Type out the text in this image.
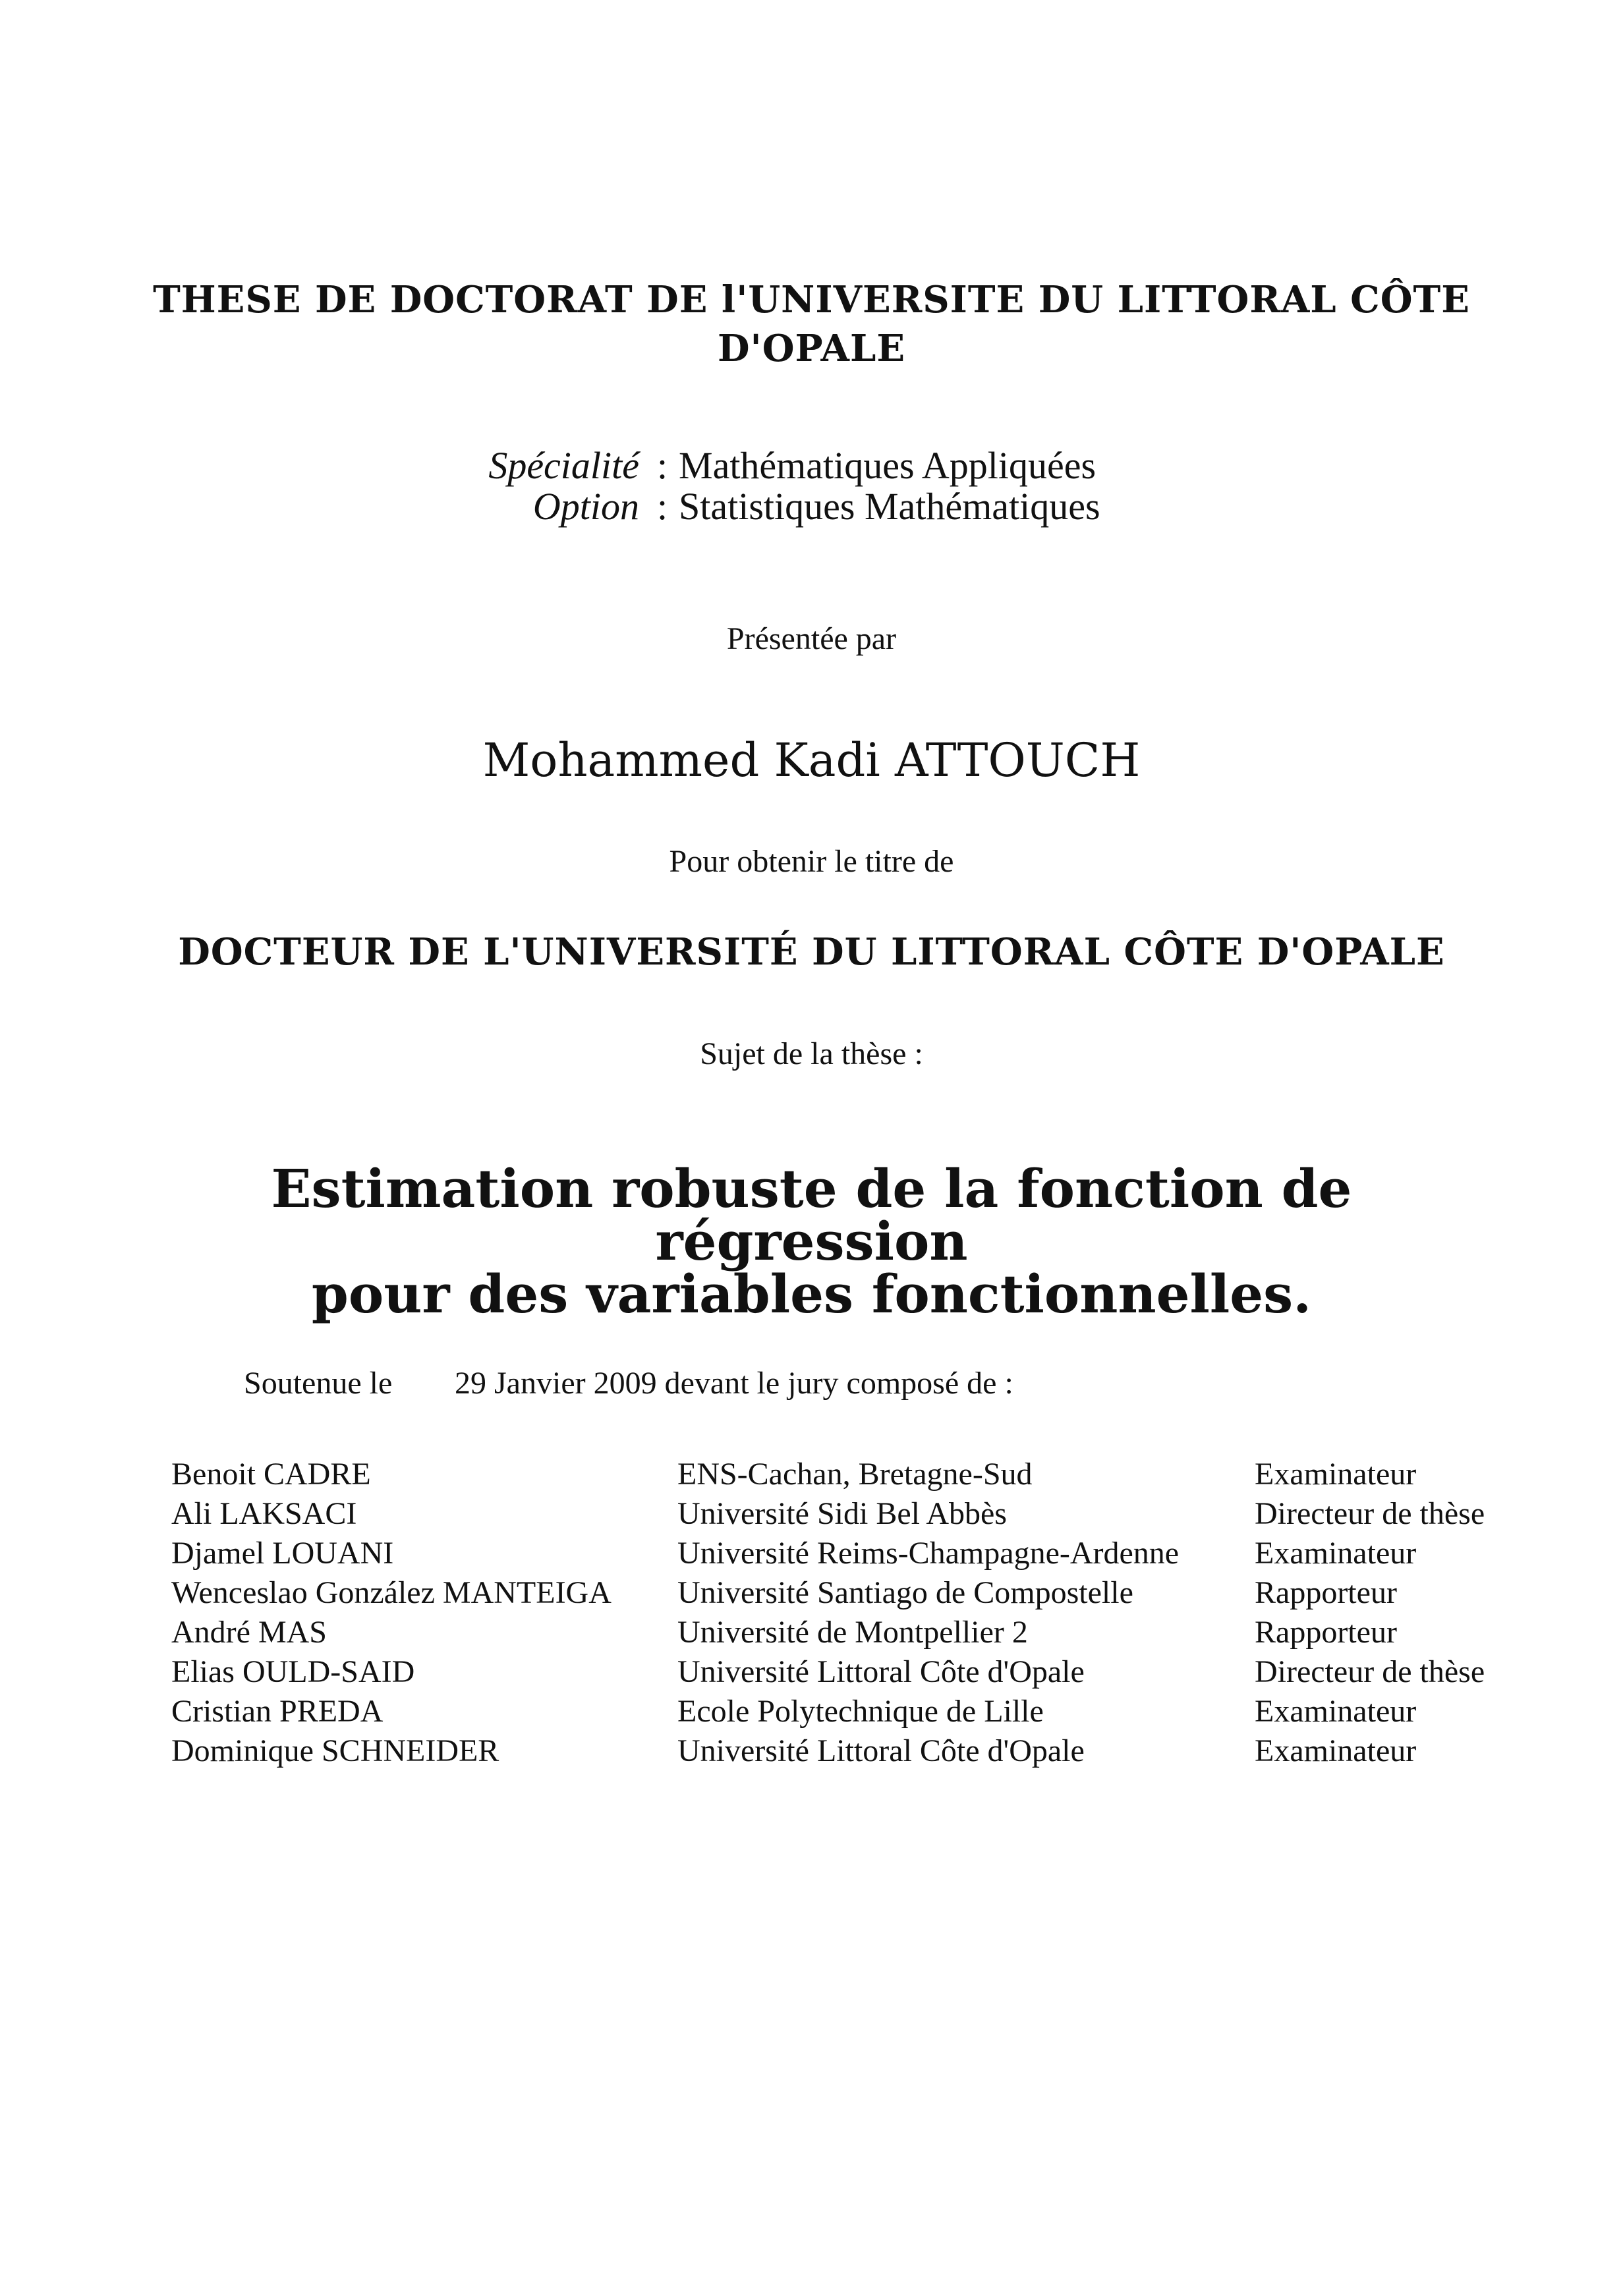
THESE DE DOCTORAT DE l'UNIVERSITE DU LITTORAL CÔTE D'OPALE
Spécialité : Mathématiques Appliquées
Option : Statistiques Mathématiques
Présentée par
Mohammed Kadi ATTOUCH
Pour obtenir le titre de
DOCTEUR DE L'UNIVERSITÉ DU LITTORAL CÔTE D'OPALE
Sujet de la thèse :
Estimation robuste de la fonction de régression
pour des variables fonctionnelles.
Soutenue le 29 Janvier 2009 devant le jury composé de :
Benoit CADRE	ENS-Cachan, Bretagne-Sud	Examinateur
Ali LAKSACI	Université Sidi Bel Abbès	Directeur de thèse
Djamel LOUANI	Université Reims-Champagne-Ardenne	Examinateur
Wenceslao González MANTEIGA	Université Santiago de Compostelle	Rapporteur
André MAS	Université de Montpellier 2	Rapporteur
Elias OULD-SAID	Université Littoral Côte d'Opale	Directeur de thèse
Cristian PREDA	Ecole Polytechnique de Lille	Examinateur
Dominique SCHNEIDER	Université Littoral Côte d'Opale	Examinateur
